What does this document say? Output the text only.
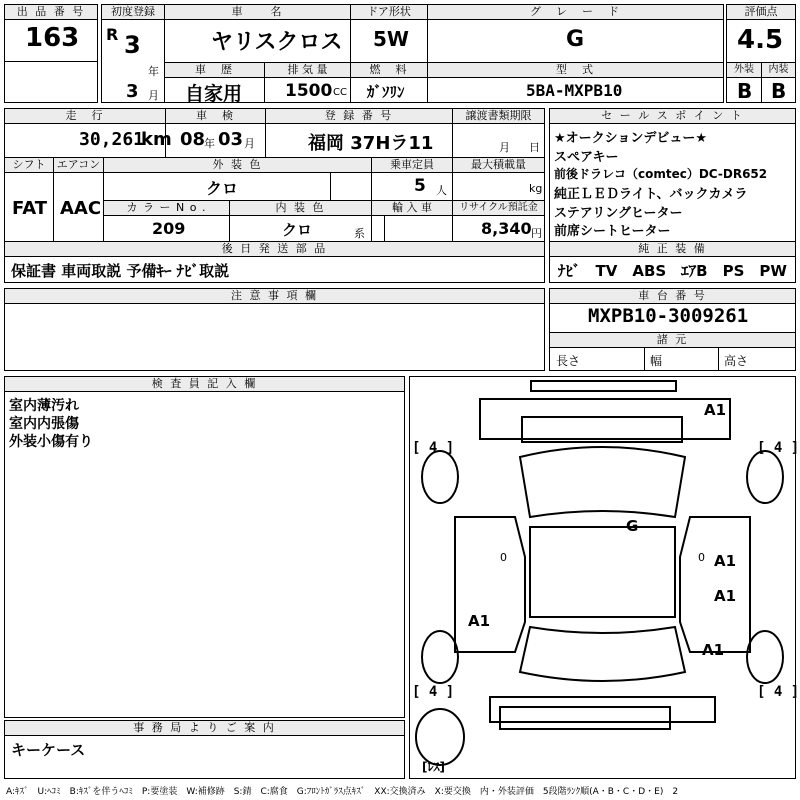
出 品 番 号
163
初度登録
R 3
年
3 月
車　　名
ヤリスクロス
ドア形状
5W
グ　レ　ー　ド
G
評価点
4.5
車　歴
自家用
排 気 量
1500 CC
燃　料
ｶﾞｿﾘﾝ
型　式
5BA-MXPB10
外装
B
内装
B
走　行
30,261
km
車　検
08
年 03 月
登 録 番 号
福岡 37Hラ11
譲渡書類期限
月 日
シフト
FAT
エアコン
AAC
外 装 色
クロ
乗車定員
5 人
最大積載量
kg
カ ラ ー N o .
209
内 装 色
クロ	系
輸 入 車	リサイクル預託金
8,340 円
後 日 発 送 部 品
保証書 車両取説 予備ｷｰ ﾅﾋﾞ取説
セ ー ル ス ポ イ ン ト
★オークションデビュー★
スペアキー
前後ドラレコ（comtec）DC-DR652
純正ＬＥＤライト、バックカメラ
ステアリングヒーター
前席シートヒーター
純 正 装 備
ﾅﾋﾞ　TV　ABS　ｴｱB　PS　PW
注 意 事 項 欄	車 台 番 号
MXPB10-3009261
諸 元
長さ	幅	高さ
検 査 員 記 入 欄
室内薄汚れ
室内内張傷
外装小傷有り
事 務 局 よ り ご 案 内
キーケース
A1
G
A1
A1
A1
A1
[ 4 ]	[ 4 ]
[ 4 ]	[ 4 ]
[ﾚｽ]
0	0
A:ｷｽﾞ　U:ﾍｺﾐ　B:ｷｽﾞを伴うﾍｺﾐ　P:要塗装　W:補修跡　S:錆　C:腐食　G:ﾌﾛﾝﾄｶﾞﾗｽ点ｷｽﾞ　XX:交換済み　X:要交換　内・外装評価　5段階ﾗﾝｸ順(A・B・C・D・E)　2
